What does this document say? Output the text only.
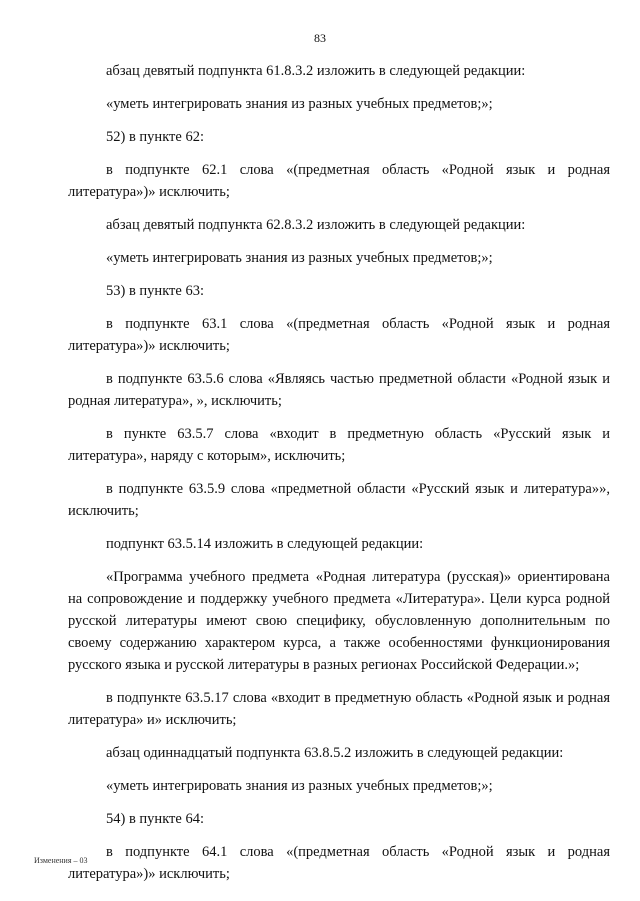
83

абзац девятый подпункта 61.8.3.2 изложить в следующей редакции:

«уметь интегрировать знания из разных учебных предметов;»;

52) в пункте 62:

в подпункте 62.1 слова «(предметная область «Родной язык и родная литература»)» исключить;

абзац девятый подпункта 62.8.3.2 изложить в следующей редакции:

«уметь интегрировать знания из разных учебных предметов;»;

53) в пункте 63:

в подпункте 63.1 слова «(предметная область «Родной язык и родная литература»)» исключить;

в подпункте 63.5.6 слова «Являясь частью предметной области «Родной язык и родная литература», », исключить;

в пункте 63.5.7 слова «входит в предметную область «Русский язык и литература», наряду с которым», исключить;

в подпункте 63.5.9 слова «предметной области «Русский язык и литература»», исключить;

подпункт 63.5.14 изложить в следующей редакции:

«Программа учебного предмета «Родная литература (русская)» ориентирована на сопровождение и поддержку учебного предмета «Литература». Цели курса родной русской литературы имеют свою специфику, обусловленную дополнительным по своему содержанию характером курса, а также особенностями функционирования русского языка и русской литературы в разных регионах Российской Федерации.»;

в подпункте 63.5.17 слова «входит в предметную область «Родной язык и родная литература» и» исключить;

абзац одиннадцатый подпункта 63.8.5.2 изложить в следующей редакции:

«уметь интегрировать знания из разных учебных предметов;»;

54) в пункте 64:

в подпункте 64.1 слова «(предметная область «Родной язык и родная литература»)» исключить;

Изменения – 03
